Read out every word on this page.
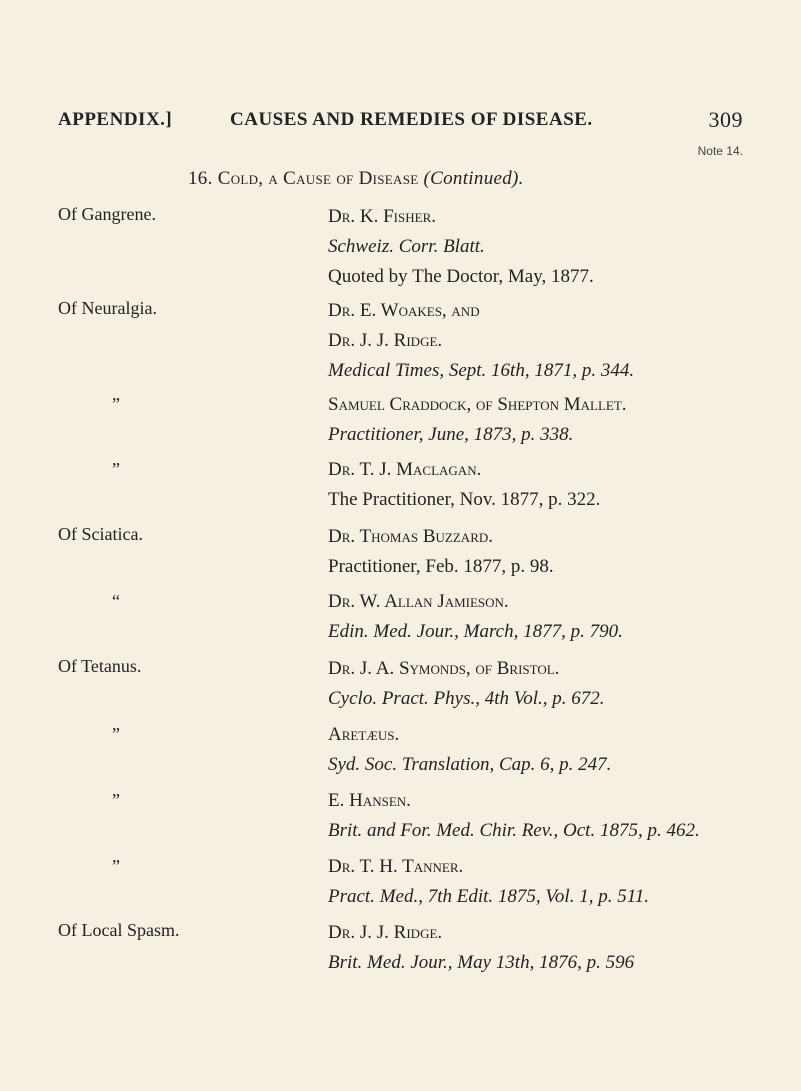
APPENDIX.]	CAUSES AND REMEDIES OF DISEASE.	309
Note 14.
16. Cold, a Cause of Disease (Continued).
Of Gangrene.	Dr. K. Fisher.
Schweiz. Corr. Blatt.
Quoted by The Doctor, May, 1877.
Of Neuralgia.	Dr. E. Woakes, and
Dr. J. J. Ridge.
Medical Times, Sept. 16th, 1871, p. 344.
”	Samuel Craddock, of Shepton Mallet.
Practitioner, June, 1873, p. 338.
”	Dr. T. J. Maclagan.
The Practitioner, Nov. 1877, p. 322.
Of Sciatica.	Dr. Thomas Buzzard.
Practitioner, Feb. 1877, p. 98.
“	Dr. W. Allan Jamieson.
Edin. Med. Jour., March, 1877, p. 790.
Of Tetanus.	Dr. J. A. Symonds, of Bristol.
Cyclo. Pract. Phys., 4th Vol., p. 672.
”	Aretæus.
Syd. Soc. Translation, Cap. 6, p. 247.
”	E. Hansen.
Brit. and For. Med. Chir. Rev., Oct. 1875, p. 462.
”	Dr. T. H. Tanner.
Pract. Med., 7th Edit. 1875, Vol. 1, p. 511.
Of Local Spasm.	Dr. J. J. Ridge.
Brit. Med. Jour., May 13th, 1876, p. 596
